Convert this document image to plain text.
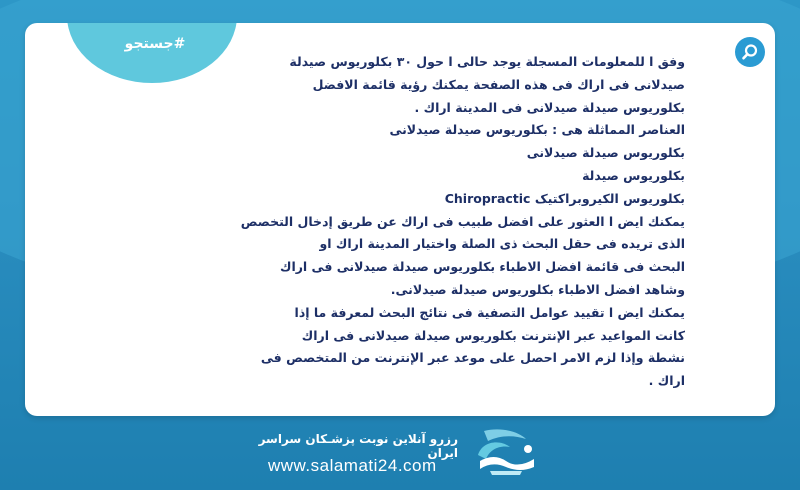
#جستجو
وفق ا للمعلومات المسجلة يوجد حالى ا حول ۳۰ بكلوريوس صيدلة
صيدلانى فى اراك فى هذه الصفحة يمكنك رؤية قائمة الافضل
بكلوريوس صيدلة صيدلانى فى المدينة اراك .
العناصر المماثلة هى : بكلوريوس صيدلة صيدلانى
بكلوريوس صيدلة صيدلانى
بكلوريوس صيدلة
بكلوريوس الكيروبراكتيک Chiropractic
يمكنك ايض ا العثور على افضل طبيب فى اراك عن طريق إدخال التخصص
الذى تريده فى حقل البحث ذى الصلة واختيار المدينة اراك او
البحث فى قائمة افضل الاطباء بكلوريوس صيدلة صيدلانى فى اراك
وشاهد افضل الاطباء بكلوريوس صيدلة صيدلانى.
يمكنك ايض ا تقييد عوامل التصفية فى نتائج البحث لمعرفة ما إذا
كانت المواعيد عبر الإنترنت بكلوريوس صيدلة صيدلانى فى اراك
نشطة وإذا لزم الامر احصل على موعد عبر الإنترنت من المتخصص فى
اراك .
رزرو آنلاین نوبت پزشـکان سراسر ایران
www.salamati24.com
